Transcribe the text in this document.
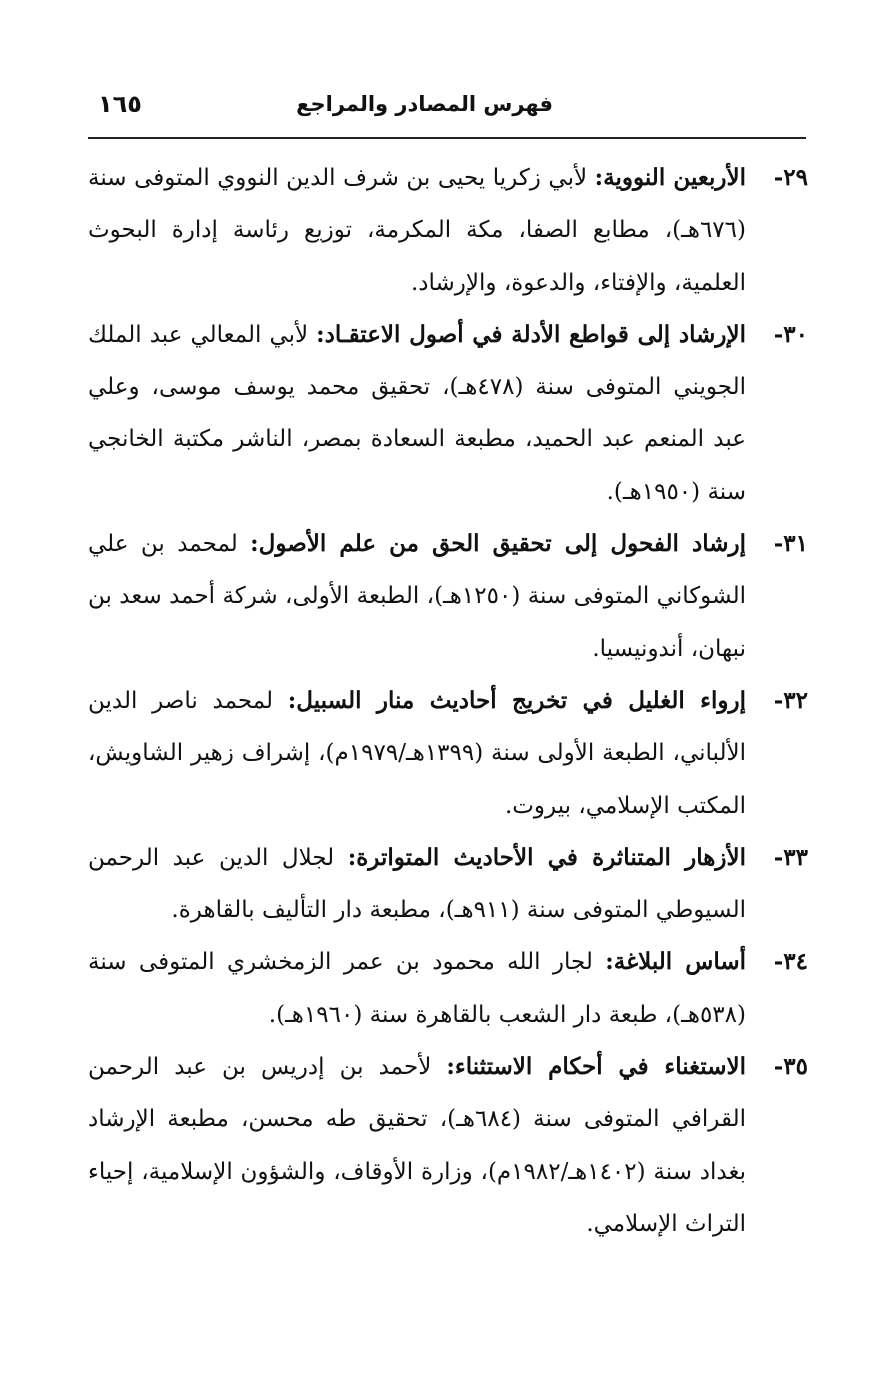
فهرس المصادر والمراجع
١٦٥

٢٩-الأربعين النووية: لأبي زكريا يحيى بن شرف الدين النووي المتوفى سنة (٦٧٦هـ)، مطابع الصفا، مكة المكرمة، توزيع رئاسة إدارة البحوث العلمية، والإفتاء، والدعوة، والإرشاد.

٣٠-الإرشاد إلى قواطع الأدلة في أصول الاعتقـاد: لأبي المعالي عبد الملك الجويني المتوفى سنة (٤٧٨هـ)، تحقيق محمد يوسف موسى، وعلي عبد المنعم عبد الحميد، مطبعة السعادة بمصر، الناشر مكتبة الخانجي سنة (١٩٥٠هـ).

٣١-إرشاد الفحول إلى تحقيق الحق من علم الأصول: لمحمد بن علي الشوكاني المتوفى سنة (١٢٥٠هـ)، الطبعة الأولى، شركة أحمد سعد بن نبهان، أندونيسيا.

٣٢-إرواء الغليل في تخريج أحاديث منار السبيل: لمحمد ناصر الدين الألباني، الطبعة الأولى سنة (١٣٩٩هـ/١٩٧٩م)، إشراف زهير الشاويش، المكتب الإسلامي، بيروت.

٣٣-الأزهار المتناثرة في الأحاديث المتواترة: لجلال الدين عبد الرحمن السيوطي المتوفى سنة (٩١١هـ)، مطبعة دار التأليف بالقاهرة.

٣٤-أساس البلاغة: لجار الله محمود بن عمر الزمخشري المتوفى سنة (٥٣٨هـ)، طبعة دار الشعب بالقاهرة سنة (١٩٦٠هـ).

٣٥-الاستغناء في أحكام الاستثناء: لأحمد بن إدريس بن عبد الرحمن القرافي المتوفى سنة (٦٨٤هـ)، تحقيق طه محسن، مطبعة الإرشاد بغداد سنة (١٤٠٢هـ/١٩٨٢م)، وزارة الأوقاف، والشؤون الإسلامية، إحياء التراث الإسلامي.
